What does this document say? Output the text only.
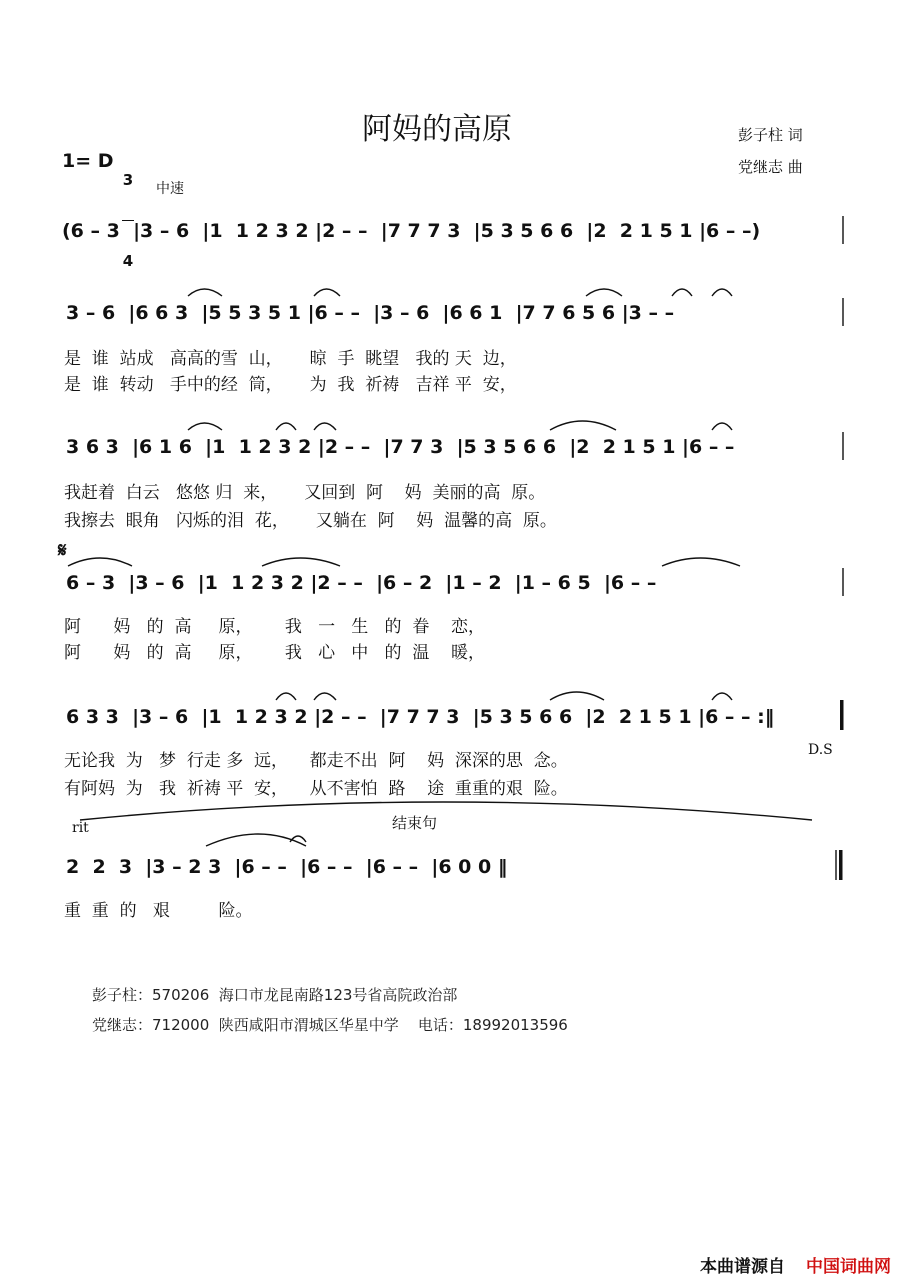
阿妈的高原	彭子柱 词
党继志 曲
1= D

3

4

中速
(6 – 3  |3 – 6  |1  1 2 3 2 |2 – –  |7 7 7 3  |5 3 5 6 6  |2  2 1 5 1 |6 – –)
3 – 6  |6 6 3  |5 5 3 5 1 |6 – –  |3 – 6  |6 6 1  |7 7 6 5 6 |3 – –
是  谁  站成   高高的雪  山，     晾  手  眺望   我的 天  边，
是  谁  转动   手中的经  筒，     为  我  祈祷   吉祥 平  安，
3 6 3  |6 1 6  |1  1 2 3 2 |2 – –  |7 7 3  |5 3 5 6 6  |2  2 1 5 1 |6 – –
我赶着  白云   悠悠 归  来，     又回到  阿    妈  美丽的高  原。
我擦去  眼角   闪烁的泪  花，     又躺在  阿    妈  温馨的高  原。
𝄋
6 – 3  |3 – 6  |1  1 2 3 2 |2 – –  |6 – 2  |1 – 2  |1 – 6 5  |6 – –
阿      妈   的  高     原，      我   一   生   的  眷    恋，
阿      妈   的  高     原，      我   心   中   的  温    暖，
6 3 3  |3 – 6  |1  1 2 3 2 |2 – –  |7 7 7 3  |5 3 5 6 6  |2  2 1 5 1 |6 – – :‖
无论我  为   梦  行走 多  远，    都走不出  阿    妈  深深的思  念。
有阿妈  为   我  祈祷 平  安，    从不害怕  路    途  重重的艰  险。
D.S
rit	结束句
2  2  3  |3 – 2 3  |6 – –  |6 – –  |6 – –  |6 0 0 ‖
重  重  的   艰         险。
彭子柱：570206  海口市龙昆南路123号省高院政治部
党继志：712000  陕西咸阳市渭城区华星中学    电话：18992013596
本曲谱源自 中国词曲网
